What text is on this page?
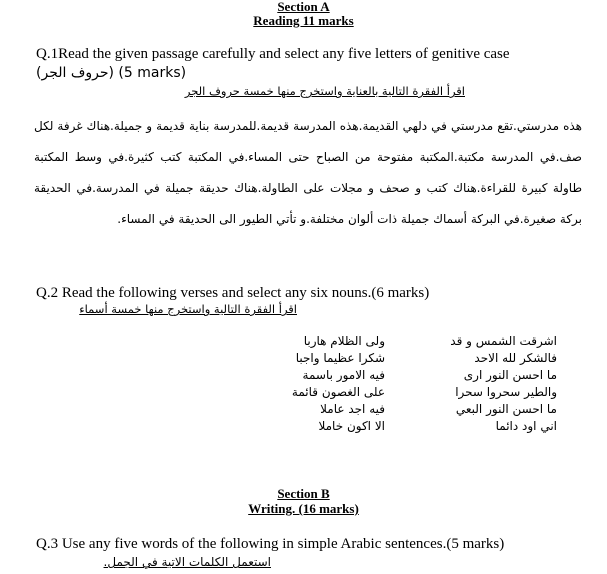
Section A
Reading 11 marks
Q.1Read the given passage carefully and select any five letters of genitive case
(حروف الجر) (5 marks)
اقرأ الفقرة التالية بالعناية واستخرج منها خمسة حروف الجر
هذه مدرستي.تقع مدرستي في دلهي القديمة.هذه المدرسة قديمة.للمدرسة بناية قديمة و جميلة.هناك غرفة لكل
صف.في المدرسة مكتبة.المكتبة مفتوحة من الصباح حتى المساء.في المكتبة كتب كثيرة.في وسط المكتبة
طاولة كبيرة للقراءة.هناك كتب و صحف و مجلات على الطاولة.هناك حديقة جميلة في المدرسة.في الحديقة
بركة صغيرة.في البركة أسماك جميلة ذات ألوان مختلفة.و تأتي الطيور الى الحديقة في المساء.
Q.2 Read the following verses and select any six nouns.(6 marks)
اقرأ الفقرة التالية واستخرج منها خمسة أسماء
اشرقت الشمس و قد
فالشكر لله الاحد
ما احسن النور ارى
والطير سحروا سحرا
ما احسن النور البعي
اني اود دائما
ولى الظلام هاربا
شكرا عظيما واجبا
فيه الامور باسمة
على الغصون قائمة
فيه اجد عاملا
الا اكون خاملا
Section B
Writing. (16 marks)
Q.3 Use any five words of the following in simple Arabic sentences.(5 marks)
استعمل الكلمات الاتية في الجمل.
